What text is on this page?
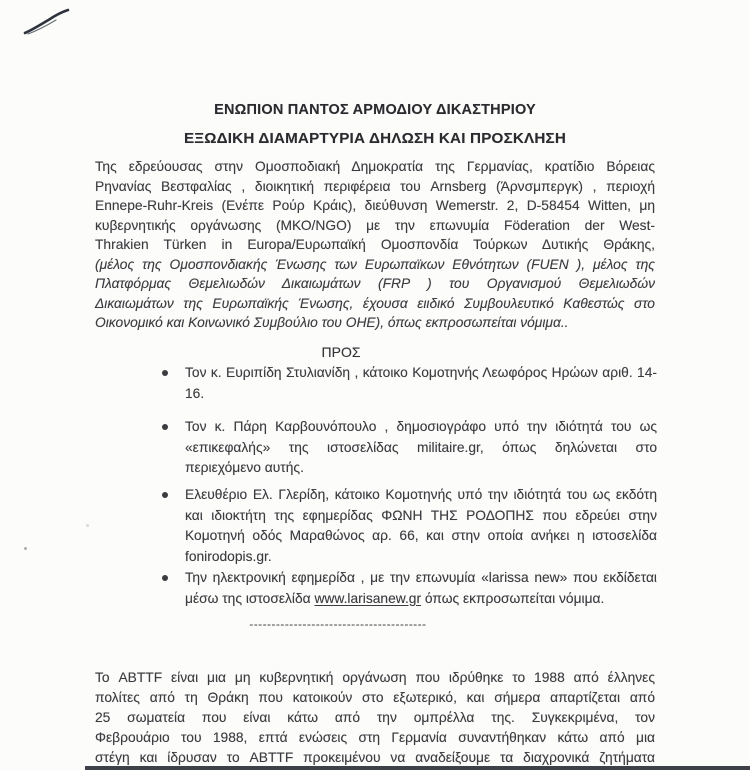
ΕΝΩΠΙΟΝ ΠΑΝΤΟΣ ΑΡΜΟΔΙΟΥ ΔΙΚΑΣΤΗΡΙΟΥ
ΕΞΩΔΙΚΗ ΔΙΑΜΑΡΤΥΡΙΑ ΔΗΛΩΣΗ ΚΑΙ ΠΡΟΣΚΛΗΣΗ
Της εδρεύουσας στην Ομοσποδιακή Δημοκρατία της Γερμανίας, κρατίδιο Βόρειας
Ρηνανίας Βεστφαλίας , διοικητική περιφέρεια του Arnsberg (Άρνσμπεργκ) , περιοχή
Ennepe-Ruhr-Kreis (Ενέπε Ρούρ Κράις), διεύθυνση Wemerstr. 2, D-58454 Witten, μη
κυβερνητικής οργάνωσης (ΜΚΟ/NGO) με την επωνυμία Föderation der West-
Thrakien Türken in Europa/Ευρωπαϊκή Ομοσπονδία Τούρκων Δυτικής Θράκης,
(μέλος της Ομοσπονδιακής Ένωσης των Ευρωπαϊκων Εθνότητων (FUEN ), μέλος της
Πλατφόρμας Θεμελιωδών Δικαιωμάτων (FRP ) του Οργανισμού Θεμελιωδών
Δικαιωμάτων της Ευρωπαϊκής Ένωσης, έχουσα ειιδικό Συμβουλευτικό Καθεστώς στο
Οικονομικό και Κοινωνικό Συμβούλιο του ΟΗΕ), όπως εκπροσωπείται νόμιμα..
ΠΡΟΣ
Τον κ. Ευριπίδη Στυλιανίδη , κάτοικο Κομοτηνής Λεωφόρος Ηρώων αριθ. 14-
16.
Τον κ. Πάρη Καρβουνόπουλο , δημοσιογράφο υπό την ιδιότητά του ως
«επικεφαλής» της ιστοσελίδας militaire.gr, όπως δηλώνεται στο
περιεχόμενο αυτής.
Ελευθέριο Ελ. Γλερίδη, κάτοικο Κομοτηνής υπό την ιδιότητά του ως εκδότη
και ιδιοκτήτη της εφημερίδας ΦΩΝΗ ΤΗΣ ΡΟΔΟΠΗΣ που εδρεύει στην
Κομοτηνή οδός Μαραθώνος αρ. 66, και στην οποία ανήκει η ιστοσελίδα
fonirodopis.gr.
Την ηλεκτρονική εφημερίδα , με την επωνυμία «larissa new» που εκδίδεται
μέσω της ιστοσελίδα www.larisanew.gr όπως εκπροσωπείται νόμιμα.
----------------------------------------
Το ABTTF είναι μια μη κυβερνητική οργάνωση που ιδρύθηκε το 1988 από έλληνες
πολίτες από τη Θράκη που κατοικούν στο εξωτερικό, και σήμερα απαρτίζεται από
25 σωματεία που είναι κάτω από την ομπρέλλα της. Συγκεκριμένα, τον
Φεβρουάριο του 1988, επτά ενώσεις στη Γερμανία συναντήθηκαν κάτω από μια
στέγη και ίδρυσαν το ABTTF προκειμένου να αναδείξουμε τα διαχρονικά ζητήματα
